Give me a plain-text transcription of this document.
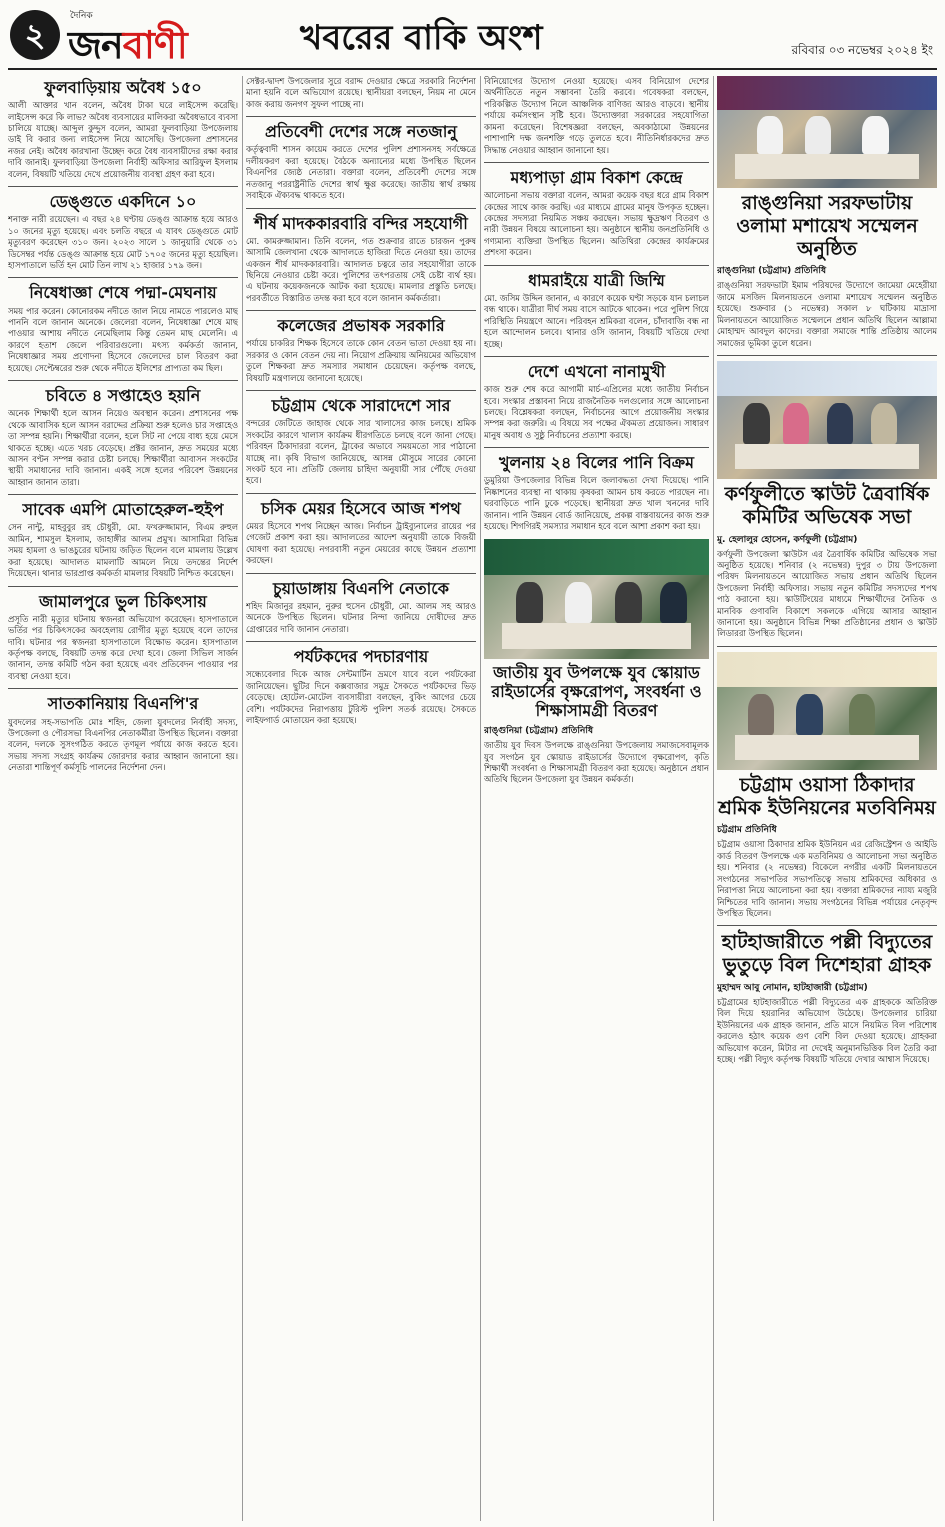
২	দৈনিক
জনবাণী	খবরের বাকি অংশ	রবিবার ০৩ নভেম্বর ২০২৪ ইং
ফুলবাড়িয়ায় অবৈধ ১৫০
আলী আক্তার খান বলেন, অবৈধ টাকা ঘরে লাইসেন্স করেছি। লাইসেন্স করে কি লাভ? অবৈধ ব্যবসায়ের মালিকরা অবৈধভাবে ব্যবসা চালিয়ে যাচ্ছে। আব্দুল কুদ্দুস বলেন, আমরা ফুলবাড়িয়া উপজেলায় ডাই বি করার জন্য লাইসেন্স নিয়ে আসেছি। উপজেলা প্রশাসনের নজর নেই। অবৈধ কারখানা উচ্ছেদ করে বৈধ ব্যবসায়ীদের রক্ষা করার দাবি জানাই। ফুলবাড়িয়া উপজেলা নির্বাহী অফিসার আরিফুল ইসলাম বলেন, বিষয়টি খতিয়ে দেখে প্রয়োজনীয় ব্যবস্থা গ্রহণ করা হবে।
ডেঙ্গুতে একদিনে ১০
শনাক্ত নারী রয়েছেন। এ বছর ২৪ ঘণ্টায় ডেঙ্গু আক্রান্ত হয়ে আরও ১০ জনের মৃত্যু হয়েছে। এবং চলতি বছরে এ যাবৎ ডেঙ্গুতে মোট মৃত্যুবরণ করেছেন ৩১০ জন। ২০২৩ সালে ১ জানুয়ারি থেকে ৩১ ডিসেম্বর পর্যন্ত ডেঙ্গু আক্রান্ত হয়ে মোট ১৭০৫ জনের মৃত্যু হয়েছিল। হাসপাতালে ভর্তি হন মোট তিন লাখ ২১ হাজার ১৭৯ জন।
নিষেধাজ্ঞা শেষে পদ্মা-মেঘনায়
সময় পার করেন। কোনোরকম নদীতে জাল নিয়ে নামতে পারলেও মাছ পাননি বলে জানান অনেকে। জেলেরা বলেন, নিষেধাজ্ঞা শেষে মাছ পাওয়ার আশায় নদীতে নেমেছিলাম কিন্তু তেমন মাছ মেলেনি। এ কারণে হতাশ জেলে পরিবারগুলো। মৎস্য কর্মকর্তা জানান, নিষেধাজ্ঞার সময় প্রণোদনা হিসেবে জেলেদের চাল বিতরণ করা হয়েছে। সেপ্টেম্বরের শুরু থেকে নদীতে ইলিশের প্রাপ্যতা কম ছিল।
চবিতে ৪ সপ্তাহেও হয়নি
অনেক শিক্ষার্থী হলে আসন নিয়েও অবস্থান করেন। প্রশাসনের পক্ষ থেকে আবাসিক হলে আসন বরাদ্দের প্রক্রিয়া শুরু হলেও চার সপ্তাহেও তা সম্পন্ন হয়নি। শিক্ষার্থীরা বলেন, হলে সিট না পেয়ে বাধ্য হয়ে মেসে থাকতে হচ্ছে। এতে খরচ বেড়েছে। প্রক্টর জানান, দ্রুত সময়ের মধ্যে আসন বণ্টন সম্পন্ন করার চেষ্টা চলছে। শিক্ষার্থীরা আবাসন সংকটের স্থায়ী সমাধানের দাবি জানান। একই সঙ্গে হলের পরিবেশ উন্নয়নের আহ্বান জানান তারা।
সাবেক এমপি মোতাহেরুল-হুইপ
সেন নান্টু, মাহবুবুর রহ চৌধুরী, মো. ফখরুজ্জামান, বিএম রুহুল আমিন, শামসুল ইসলাম, জাহাঙ্গীর আলম প্রমুখ। আসামিরা বিভিন্ন সময় হামলা ও ভাঙচুরের ঘটনায় জড়িত ছিলেন বলে মামলায় উল্লেখ করা হয়েছে। আদালত মামলাটি আমলে নিয়ে তদন্তের নির্দেশ দিয়েছেন। থানার ভারপ্রাপ্ত কর্মকর্তা মামলার বিষয়টি নিশ্চিত করেছেন।
জামালপুরে ভুল চিকিৎসায়
প্রসূতি নারী মৃত্যুর ঘটনায় স্বজনরা অভিযোগ করেছেন। হাসপাতালে ভর্তির পর চিকিৎসকের অবহেলায় রোগীর মৃত্যু হয়েছে বলে তাদের দাবি। ঘটনার পর স্বজনরা হাসপাতালে বিক্ষোভ করেন। হাসপাতাল কর্তৃপক্ষ বলছে, বিষয়টি তদন্ত করে দেখা হবে। জেলা সিভিল সার্জন জানান, তদন্ত কমিটি গঠন করা হয়েছে এবং প্রতিবেদন পাওয়ার পর ব্যবস্থা নেওয়া হবে।
সাতকানিয়ায় বিএনপি'র
যুবদলের সহ-সভাপতি মোঃ শহিদ, জেলা যুবদলের নির্বাহী সদস্য, উপজেলা ও পৌরসভা বিএনপির নেতাকর্মীরা উপস্থিত ছিলেন। বক্তারা বলেন, দলকে সুসংগঠিত করতে তৃণমূল পর্যায়ে কাজ করতে হবে। সভায় সদস্য সংগ্রহ কার্যক্রম জোরদার করার আহ্বান জানানো হয়। নেতারা শান্তিপূর্ণ কর্মসূচি পালনের নির্দেশনা দেন।
সেক্টর-দ্বাদশ উপজেলার সুরে বরাদ্দ দেওয়ার ক্ষেত্রে সরকারি নির্দেশনা মানা হয়নি বলে অভিযোগ রয়েছে। স্থানীয়রা বলছেন, নিয়ম না মেনে কাজ করায় জনগণ সুফল পাচ্ছে না।
প্রতিবেশী দেশের সঙ্গে নতজানু
কর্তৃত্ববাদী শাসন কায়েম করতে দেশের পুলিশ প্রশাসনসহ সর্বক্ষেত্রে দলীয়করণ করা হয়েছে। বৈঠকে অন্যান্যের মধ্যে উপস্থিত ছিলেন বিএনপির জ্যেষ্ঠ নেতারা। বক্তারা বলেন, প্রতিবেশী দেশের সঙ্গে নতজানু পররাষ্ট্রনীতি দেশের স্বার্থ ক্ষুণ্ণ করেছে। জাতীয় স্বার্থ রক্ষায় সবাইকে ঐক্যবদ্ধ থাকতে হবে।
শীর্ষ মাদককারবারি বন্দির সহযোগী
মো. কামরুজ্জামান। তিনি বলেন, গত শুক্রবার রাতে চারজন পুরুষ আসামি জেলখানা থেকে আদালতে হাজিরা দিতে নেওয়া হয়। তাদের একজন শীর্ষ মাদককারবারি। আদালত চত্বরে তার সহযোগীরা তাকে ছিনিয়ে নেওয়ার চেষ্টা করে। পুলিশের তৎপরতায় সেই চেষ্টা ব্যর্থ হয়। এ ঘটনায় কয়েকজনকে আটক করা হয়েছে। মামলার প্রস্তুতি চলছে। পরবর্তীতে বিস্তারিত তদন্ত করা হবে বলে জানান কর্মকর্তারা।
কলেজের প্রভাষক সরকারি
পর্যায়ে চাকরির শিক্ষক হিসেবে তাকে কোন বেতন ভাতা দেওয়া হয় না। সরকার ও কোন বেতন দেয় না। নিয়োগ প্রক্রিয়ায় অনিয়মের অভিযোগ তুলে শিক্ষকরা দ্রুত সমস্যার সমাধান চেয়েছেন। কর্তৃপক্ষ বলছে, বিষয়টি মন্ত্রণালয়ে জানানো হয়েছে।
চট্টগ্রাম থেকে সারাদেশে সার
বন্দরের জেটিতে জাহাজ থেকে সার খালাসের কাজ চলছে। শ্রমিক সংকটের কারণে খালাস কার্যক্রম ধীরগতিতে চলছে বলে জানা গেছে। পরিবহন ঠিকাদাররা বলেন, ট্রাকের অভাবে সময়মতো সার পাঠানো যাচ্ছে না। কৃষি বিভাগ জানিয়েছে, আসন্ন মৌসুমে সারের কোনো সংকট হবে না। প্রতিটি জেলায় চাহিদা অনুযায়ী সার পৌঁছে দেওয়া হবে।
চসিক মেয়র হিসেবে আজ শপথ
মেয়র হিসেবে শপথ নিচ্ছেন আজ। নির্বাচন ট্রাইব্যুনালের রায়ের পর গেজেট প্রকাশ করা হয়। আদালতের আদেশ অনুযায়ী তাকে বিজয়ী ঘোষণা করা হয়েছে। নগরবাসী নতুন মেয়রের কাছে উন্নয়ন প্রত্যাশা করছেন।
চুয়াডাঙ্গায় বিএনপি নেতাকে
শহিদ মিজানুর রহমান, নুরুর হুসেন চৌধুরী, মো. আলম সহ আরও অনেকে উপস্থিত ছিলেন। ঘটনার নিন্দা জানিয়ে দোষীদের দ্রুত গ্রেপ্তারের দাবি জানান নেতারা।
পর্যটকদের পদচারণায়
সন্ধ্যেবেলার দিকে আজ সেন্টমার্টিন ভ্রমণে যাবে বলে পর্যটকেরা জানিয়েছেন। ছুটির দিনে কক্সবাজার সমুদ্র সৈকতে পর্যটকদের ভিড় বেড়েছে। হোটেল-মোটেল ব্যবসায়ীরা বলছেন, বুকিং আগের চেয়ে বেশি। পর্যটকদের নিরাপত্তায় টুরিস্ট পুলিশ সতর্ক রয়েছে। সৈকতে লাইফগার্ড মোতায়েন করা হয়েছে।
বিনিয়োগের উদ্যোগ নেওয়া হয়েছে। এসব বিনিয়োগ দেশের অর্থনীতিতে নতুন সম্ভাবনা তৈরি করবে। গবেষকরা বলছেন, পরিকল্পিত উদ্যোগ নিলে আঞ্চলিক বাণিজ্য আরও বাড়বে। স্থানীয় পর্যায়ে কর্মসংস্থান সৃষ্টি হবে। উদ্যোক্তারা সরকারের সহযোগিতা কামনা করেছেন। বিশেষজ্ঞরা বলছেন, অবকাঠামো উন্নয়নের পাশাপাশি দক্ষ জনশক্তি গড়ে তুলতে হবে। নীতিনির্ধারকদের দ্রুত সিদ্ধান্ত নেওয়ার আহ্বান জানানো হয়।
মধ্যপাড়া গ্রাম বিকাশ কেন্দ্রে
আলোচনা সভায় বক্তারা বলেন, আমরা কয়েক বছর ধরে গ্রাম বিকাশ কেন্দ্রের সাথে কাজ করছি। এর মাধ্যমে গ্রামের মানুষ উপকৃত হচ্ছেন। কেন্দ্রের সদস্যরা নিয়মিত সঞ্চয় করছেন। সভায় ক্ষুদ্রঋণ বিতরণ ও নারী উন্নয়ন বিষয়ে আলোচনা হয়। অনুষ্ঠানে স্থানীয় জনপ্রতিনিধি ও গণ্যমান্য ব্যক্তিরা উপস্থিত ছিলেন। অতিথিরা কেন্দ্রের কার্যক্রমের প্রশংসা করেন।
ধামরাইয়ে যাত্রী জিম্মি
মো. জসিম উদ্দিন জানান, এ কারণে কয়েক ঘণ্টা সড়কে যান চলাচল বন্ধ থাকে। যাত্রীরা দীর্ঘ সময় বাসে আটকে থাকেন। পরে পুলিশ গিয়ে পরিস্থিতি নিয়ন্ত্রণে আনে। পরিবহন শ্রমিকরা বলেন, চাঁদাবাজি বন্ধ না হলে আন্দোলন চলবে। থানার ওসি জানান, বিষয়টি খতিয়ে দেখা হচ্ছে।
দেশে এখনো নানামুখী
কাজ শুরু শেষ করে আগামী মার্চ-এপ্রিলের মধ্যে জাতীয় নির্বাচন হবে। সংস্কার প্রস্তাবনা নিয়ে রাজনৈতিক দলগুলোর সঙ্গে আলোচনা চলছে। বিশ্লেষকরা বলছেন, নির্বাচনের আগে প্রয়োজনীয় সংস্কার সম্পন্ন করা জরুরি। এ বিষয়ে সব পক্ষের ঐকমত্য প্রয়োজন। সাধারণ মানুষ অবাধ ও সুষ্ঠু নির্বাচনের প্রত্যাশা করছে।
খুলনায় ২৪ বিলের পানি বিক্রম
ডুমুরিয়া উপজেলার বিভিন্ন বিলে জলাবদ্ধতা দেখা দিয়েছে। পানি নিষ্কাশনের ব্যবস্থা না থাকায় কৃষকরা আমন চাষ করতে পারছেন না। ঘরবাড়িতে পানি ঢুকে পড়েছে। স্থানীয়রা দ্রুত খাল খননের দাবি জানান। পানি উন্নয়ন বোর্ড জানিয়েছে, প্রকল্প বাস্তবায়নের কাজ শুরু হয়েছে। শিগগিরই সমস্যার সমাধান হবে বলে আশা প্রকাশ করা হয়।
জাতীয় যুব উপলক্ষে যুব স্কোয়াড রাইডার্সের বৃক্ষরোপণ, সংবর্ধনা ও শিক্ষাসামগ্রী বিতরণ
রাঙ্গুনিয়া (চট্টগ্রাম) প্রতিনিধি
জাতীয় যুব দিবস উপলক্ষে রাঙ্গুনিয়া উপজেলায় সমাজসেবামূলক যুব সংগঠন যুব স্কোয়াড রাইডার্সের উদ্যোগে বৃক্ষরোপণ, কৃতি শিক্ষার্থী সংবর্ধনা ও শিক্ষাসামগ্রী বিতরণ করা হয়েছে। অনুষ্ঠানে প্রধান অতিথি ছিলেন উপজেলা যুব উন্নয়ন কর্মকর্তা।
রাঙ্গুনিয়া সরফভাটায় ওলামা মশায়েখ সম্মেলন অনুষ্ঠিত
রাঙ্গুনিয়া (চট্টগ্রাম) প্রতিনিধি
রাঙ্গুনিয়া সরফভাটা ইমাম পরিষদের উদ্যোগে জামেয়া মেহেরীয়া জামে মসজিদ মিলনায়তনে ওলামা মশায়েখ সম্মেলন অনুষ্ঠিত হয়েছে। শুক্রবার (১ নভেম্বর) সকাল ৮ ঘটিকায় মাদ্রাসা মিলনায়তনে আয়োজিত সম্মেলনে প্রধান অতিথি ছিলেন আল্লামা মোহাম্মদ আবদুল কাদের। বক্তারা সমাজে শান্তি প্রতিষ্ঠায় আলেম সমাজের ভূমিকা তুলে ধরেন।
কর্ণফুলীতে স্কাউট ত্রৈবার্ষিক কমিটির অভিষেক সভা
মু. হেলালুর হোসেন, কর্ণফুলী (চট্টগ্রাম)
কর্ণফুলী উপজেলা স্কাউটস এর ত্রৈবার্ষিক কমিটির অভিষেক সভা অনুষ্ঠিত হয়েছে। শনিবার (২ নভেম্বর) দুপুর ৩ টায় উপজেলা পরিষদ মিলনায়তনে আয়োজিত সভায় প্রধান অতিথি ছিলেন উপজেলা নির্বাহী অফিসার। সভায় নতুন কমিটির সদস্যদের শপথ পাঠ করানো হয়। স্কাউটিংয়ের মাধ্যমে শিক্ষার্থীদের নৈতিক ও মানবিক গুণাবলি বিকাশে সকলকে এগিয়ে আসার আহ্বান জানানো হয়। অনুষ্ঠানে বিভিন্ন শিক্ষা প্রতিষ্ঠানের প্রধান ও স্কাউট লিডাররা উপস্থিত ছিলেন।
চট্টগ্রাম ওয়াসা ঠিকাদার শ্রমিক ইউনিয়নের মতবিনিময়
চট্টগ্রাম প্রতিনিধি
চট্টগ্রাম ওয়াসা ঠিকাদার শ্রমিক ইউনিয়ন এর রেজিস্ট্রেশন ও আইডি কার্ড বিতরণ উপলক্ষে এক মতবিনিময় ও আলোচনা সভা অনুষ্ঠিত হয়। শনিবার (২ নভেম্বর) বিকেলে নগরীর একটি মিলনায়তনে সংগঠনের সভাপতির সভাপতিত্বে সভায় শ্রমিকদের অধিকার ও নিরাপত্তা নিয়ে আলোচনা করা হয়। বক্তারা শ্রমিকদের ন্যায্য মজুরি নিশ্চিতের দাবি জানান। সভায় সংগঠনের বিভিন্ন পর্যায়ের নেতৃবৃন্দ উপস্থিত ছিলেন।
হাটহাজারীতে পল্লী বিদ্যুতের ভুতুড়ে বিল দিশেহারা গ্রাহক
মুহাম্মদ আবু নোমান, হাটহাজারী (চট্টগ্রাম)
চট্টগ্রামের হাটহাজারীতে পল্লী বিদ্যুতের এক গ্রাহককে অতিরিক্ত বিল দিয়ে হয়রানির অভিযোগ উঠেছে। উপজেলার চারিয়া ইউনিয়নের এক গ্রাহক জানান, প্রতি মাসে নিয়মিত বিল পরিশোধ করলেও হঠাৎ কয়েক গুণ বেশি বিল দেওয়া হয়েছে। গ্রাহকরা অভিযোগ করেন, মিটার না দেখেই অনুমানভিত্তিক বিল তৈরি করা হচ্ছে। পল্লী বিদ্যুৎ কর্তৃপক্ষ বিষয়টি খতিয়ে দেখার আশ্বাস দিয়েছে।
